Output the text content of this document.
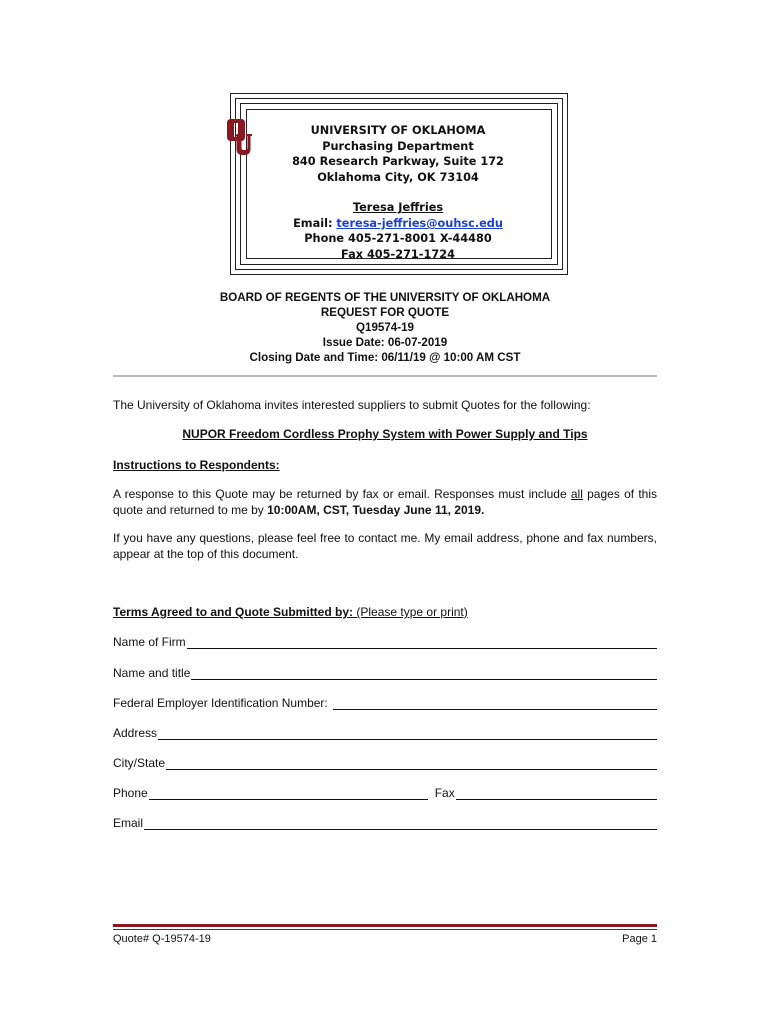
UNIVERSITY OF OKLAHOMA
Purchasing Department
840 Research Parkway, Suite 172
Oklahoma City, OK 73104
Teresa Jeffries
Email: teresa-jeffries@ouhsc.edu
Phone 405-271-8001 X-44480
Fax 405-271-1724
BOARD OF REGENTS OF THE UNIVERSITY OF OKLAHOMA
REQUEST FOR QUOTE
Q19574-19
Issue Date: 06-07-2019
Closing Date and Time: 06/11/19 @ 10:00 AM CST
The University of Oklahoma invites interested suppliers to submit Quotes for the following:
NUPOR Freedom Cordless Prophy System with Power Supply and Tips
Instructions to Respondents:
A response to this Quote may be returned by fax or email. Responses must include all pages of this quote and returned to me by 10:00AM, CST, Tuesday June 11, 2019.
If you have any questions, please feel free to contact me. My email address, phone and fax numbers, appear at the top of this document.
Terms Agreed to and Quote Submitted by: (Please type or print)
Name of Firm
Name and title
Federal Employer Identification Number:
Address
City/State
Phone	Fax
Email
Quote# Q-19574-19	Page 1
